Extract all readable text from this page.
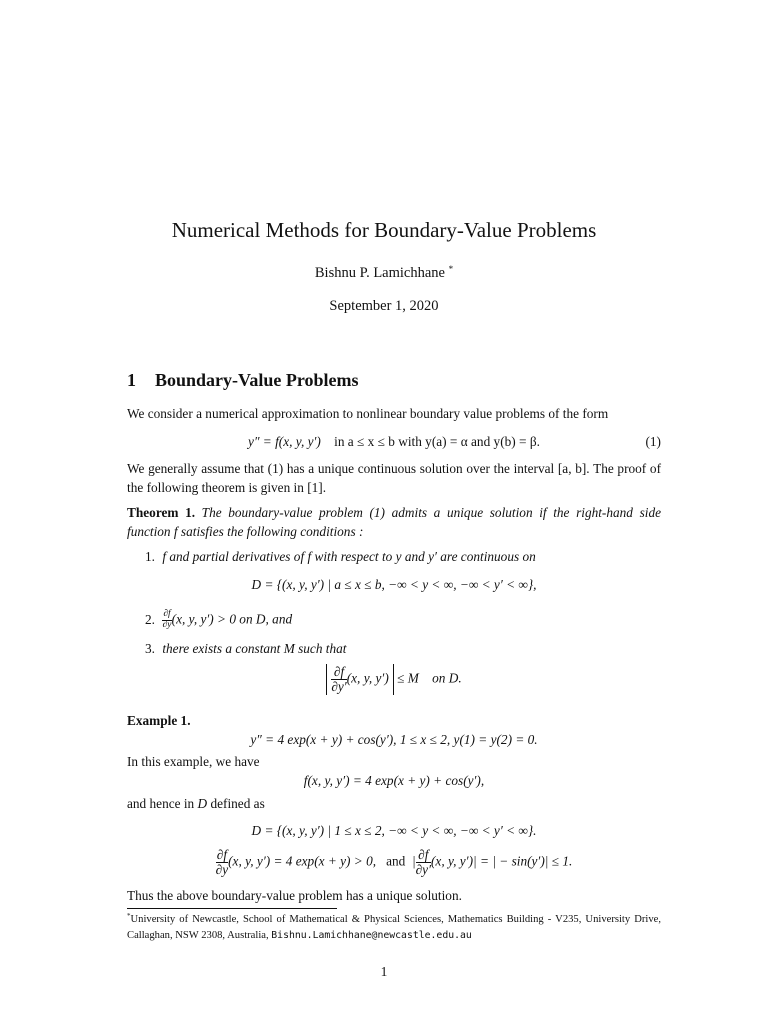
Numerical Methods for Boundary-Value Problems
Bishnu P. Lamichhane *
September 1, 2020
1 Boundary-Value Problems
We consider a numerical approximation to nonlinear boundary value problems of the form
y″ = f(x, y, y′) in a ≤ x ≤ b with y(a) = α and y(b) = β.	(1)
We generally assume that (1) has a unique continuous solution over the interval [a, b]. The proof of the following theorem is given in [1].
Theorem 1. The boundary-value problem (1) admits a unique solution if the right-hand side function f satisfies the following conditions :
1. f and partial derivatives of f with respect to y and y′ are continuous on
D = {(x, y, y′) | a ≤ x ≤ b, −∞ < y < ∞, −∞ < y′ < ∞},
2. $\frac{\partial f}{\partial y} (x$, y, y′) > 0 on D, and
3. there exists a constant M such that
$\frac{\partial f}{\partial y'} (x$, y, y′) ≤ M on D.
Example 1.
y″ = 4 exp(x + y) + cos(y′), 1 ≤ x ≤ 2, y(1) = y(2) = 0.
In this example, we have
f(x, y, y′) = 4 exp(x + y) + cos(y′),
and hence in D defined as
D = {(x, y, y′) | 1 ≤ x ≤ 2, −∞ < y < ∞, −∞ < y′ < ∞}.
$\frac{\partial f}{\partial y} (x$, y, y′) = 4 exp(x + y) > 0, and | $\frac{\partial f}{\partial y'} (x$, y, y′)| = | − sin(y′)| ≤ 1.
Thus the above boundary-value problem has a unique solution.
*University of Newcastle, School of Mathematical & Physical Sciences, Mathematics Building - V235, University Drive, Callaghan, NSW 2308, Australia, Bishnu.Lamichhane@newcastle.edu.au
1
